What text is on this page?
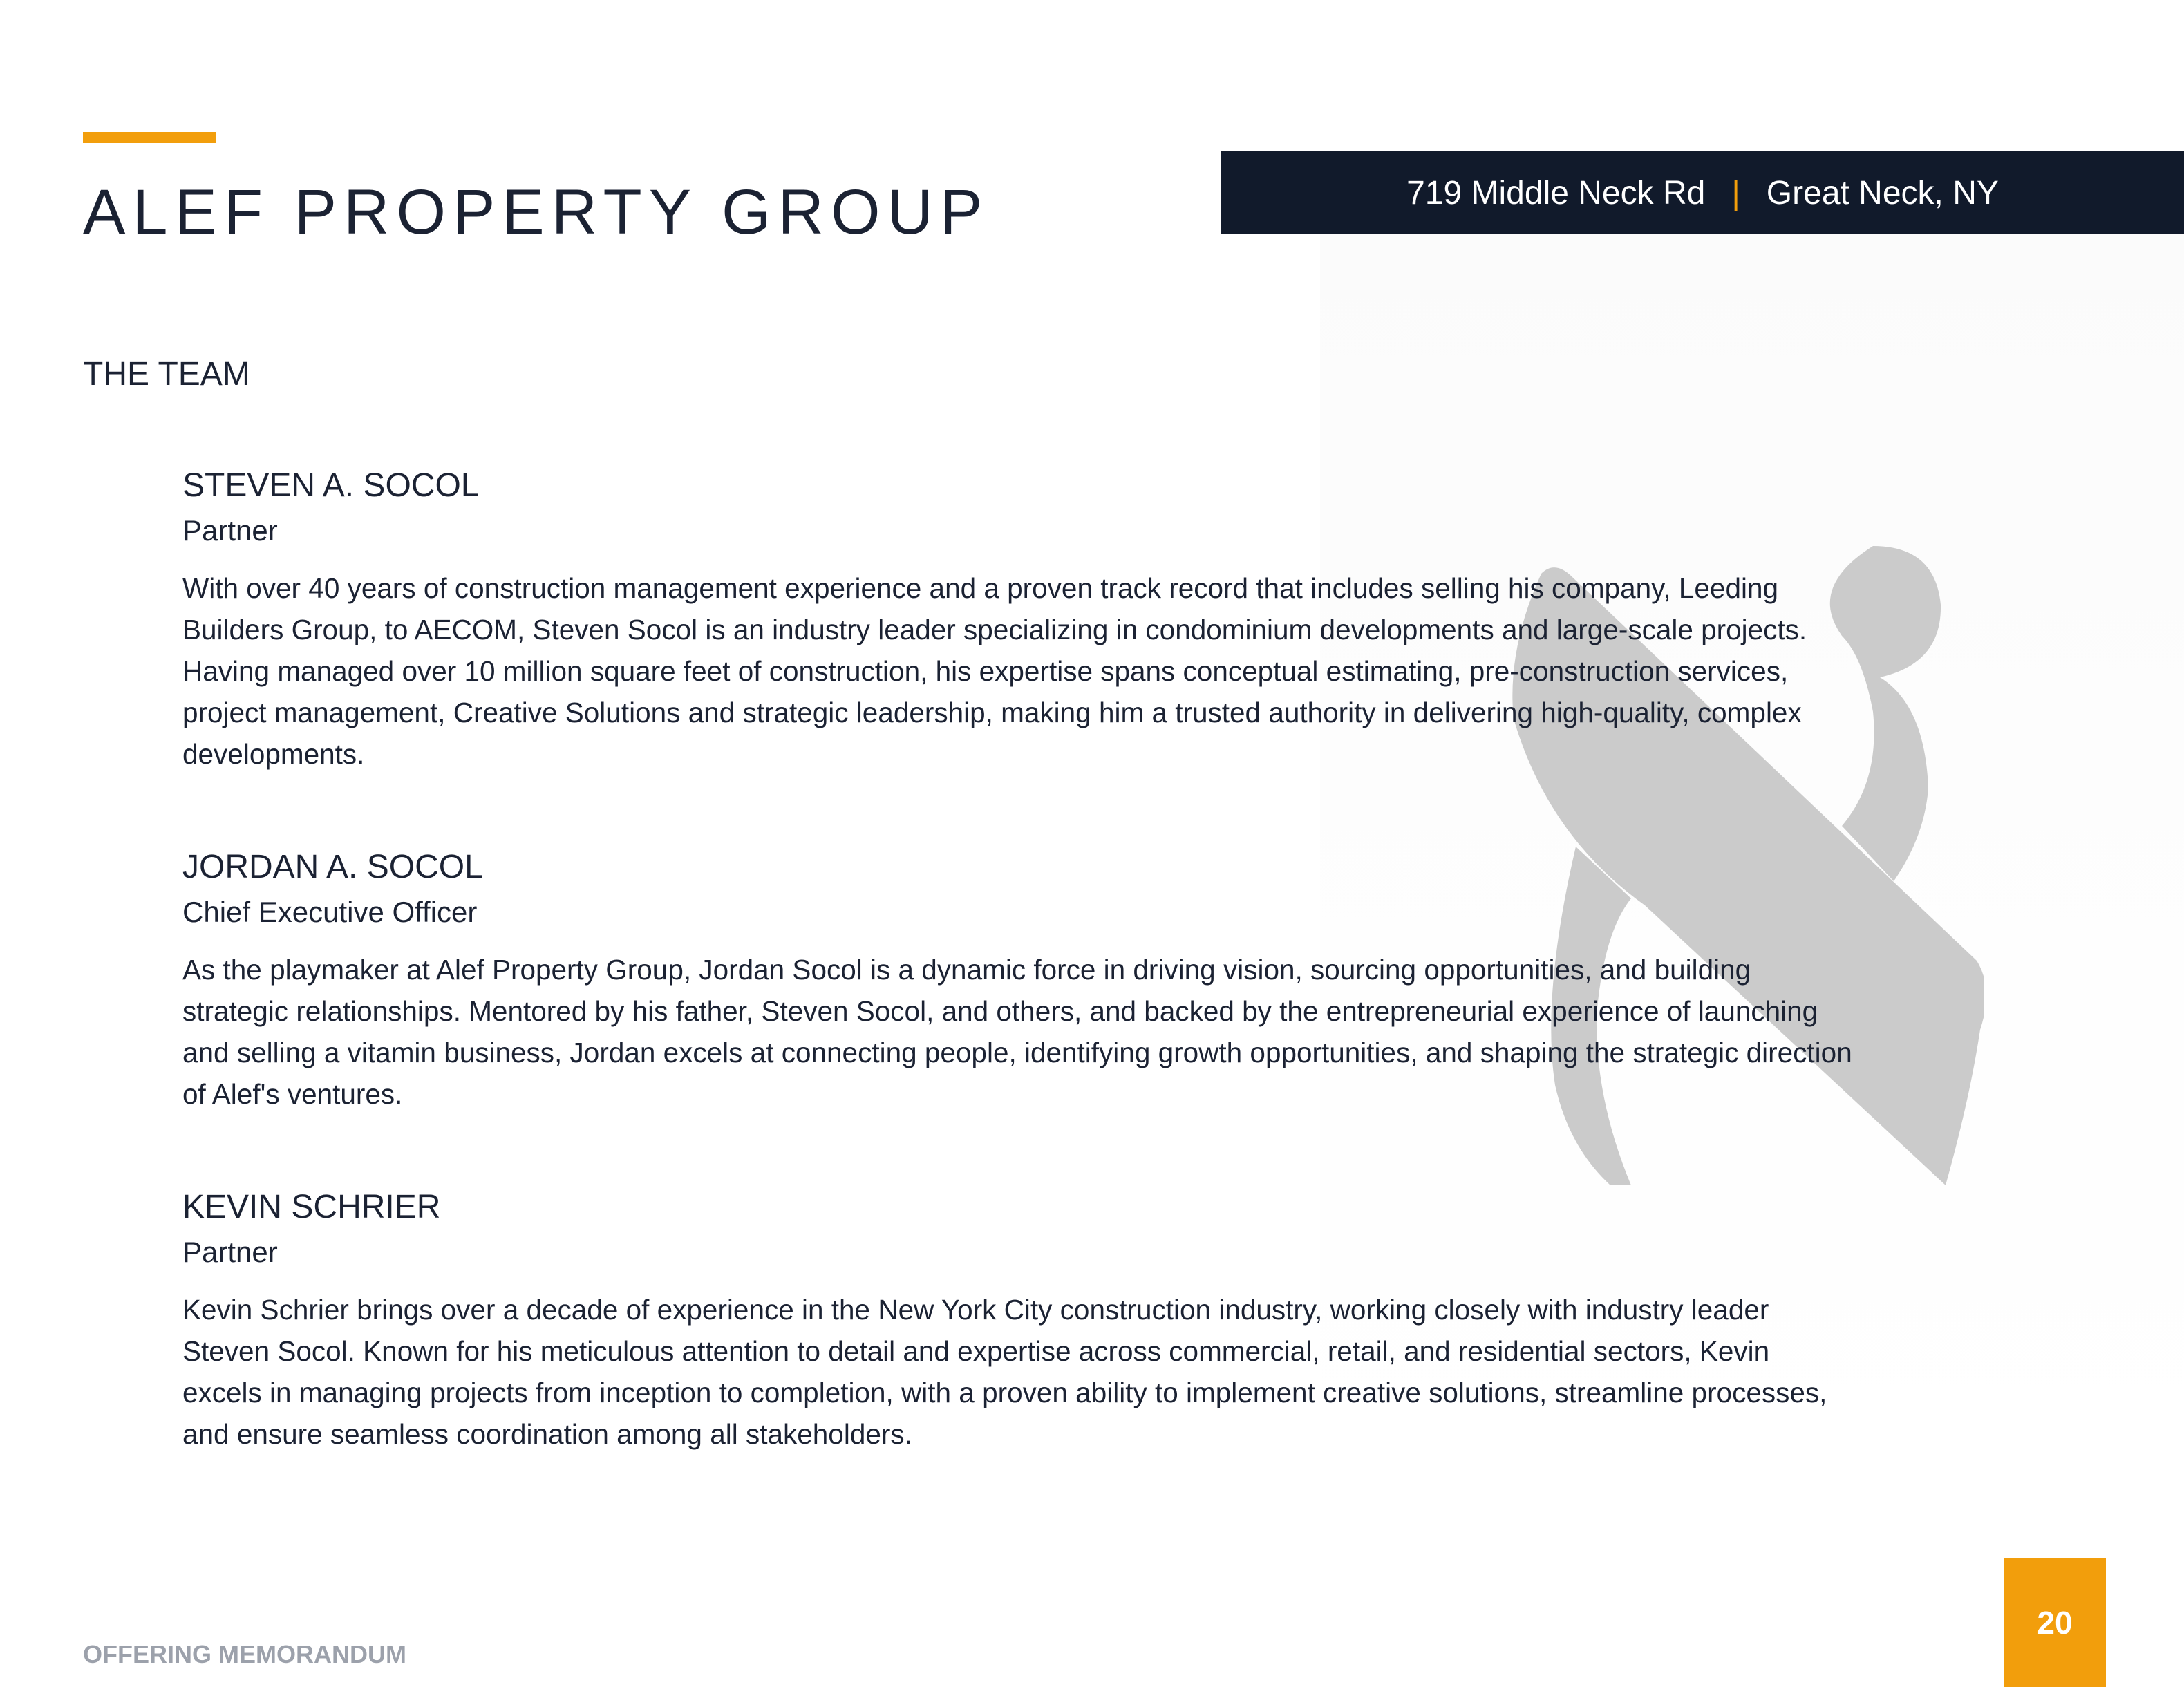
ALEF PROPERTY GROUP	719 Middle Neck Rd | Great Neck, NY
THE TEAM
STEVEN A. SOCOL
Partner

With over 40 years of construction management experience and a proven track record that includes selling his company, Leeding Builders Group, to AECOM, Steven Socol is an industry leader specializing in condominium developments and large-scale projects. Having managed over 10 million square feet of construction, his expertise spans conceptual estimating, pre-construction services, project management, Creative Solutions and strategic leadership, making him a trusted authority in delivering high-quality, complex developments.

JORDAN A. SOCOL
Chief Executive Officer

As the playmaker at Alef Property Group, Jordan Socol is a dynamic force in driving vision, sourcing opportunities, and building strategic relationships. Mentored by his father, Steven Socol, and others, and backed by the entrepreneurial experience of launching and selling a vitamin business, Jordan excels at connecting people, identifying growth opportunities, and shaping the strategic direction of Alef's ventures.

KEVIN SCHRIER
Partner

Kevin Schrier brings over a decade of experience in the New York City construction industry, working closely with industry leader Steven Socol. Known for his meticulous attention to detail and expertise across commercial, retail, and residential sectors, Kevin excels in managing projects from inception to completion, with a proven ability to implement creative solutions, streamline processes, and ensure seamless coordination among all stakeholders.

OFFERING MEMORANDUM
20
